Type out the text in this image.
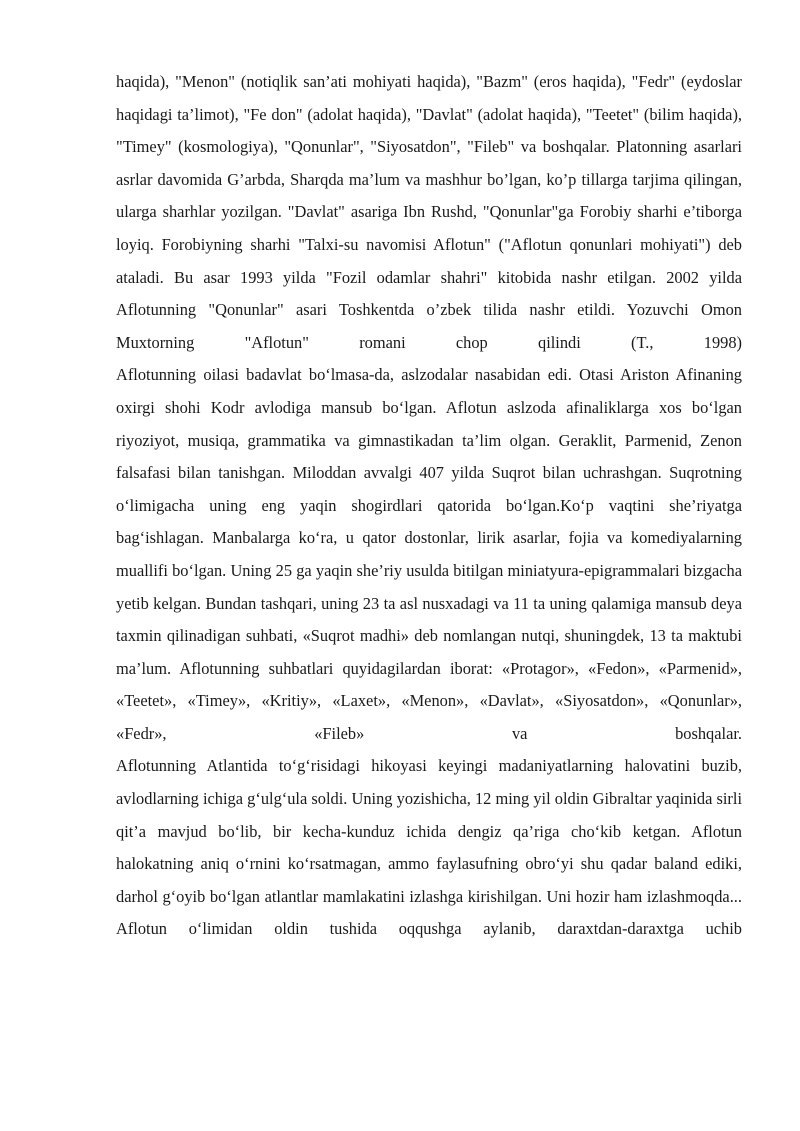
haqida), "Menon" (notiqlik san’ati mohiyati haqida), "Bazm" (eros haqida), "Fedr" (eydoslar haqidagi ta’limot), "Fe don" (adolat haqida), "Davlat" (adolat haqida), "Teetet" (bilim haqida), "Timey" (kosmologiya), "Qonunlar", "Siyosatdon", "Fileb" va boshqalar. Platonning asarlari asrlar davomida G’arbda, Sharqda ma’lum va mashhur bo’lgan, ko’p tillarga tarjima qilingan, ularga sharhlar yozilgan. "Davlat" asariga Ibn Rushd, "Qonunlar"ga Forobiy sharhi e’tiborga loyiq. Forobiyning sharhi "Talxi-su navomisi Aflotun" ("Aflotun qonunlari mohiyati") deb ataladi. Bu asar 1993 yilda "Fozil odamlar shahri" kitobida nashr etilgan. 2002 yilda Aflotunning "Qonunlar" asari Toshkentda o’zbek tilida nashr etildi. Yozuvchi Omon Muxtorning "Aflotun" romani chop qilindi (T., 1998)

Aflotunning oilasi badavlat bo‘lmasa-da, aslzodalar nasabidan edi. Otasi Ariston Afinaning oxirgi shohi Kodr avlodiga mansub bo‘lgan. Aflotun aslzoda afinaliklarga xos bo‘lgan riyoziyot, musiqa, grammatika va gimnastikadan ta’lim olgan. Geraklit, Parmenid, Zenon falsafasi bilan tanishgan. Miloddan avvalgi 407 yilda Suqrot bilan uchrashgan. Suqrotning o‘limigacha uning eng yaqin shogirdlari qatorida bo‘lgan.Ko‘p vaqtini she’riyatga bag‘ishlagan. Manbalarga ko‘ra, u qator dostonlar, lirik asarlar, fojia va komediyalarning muallifi bo‘lgan. Uning 25 ga yaqin she’riy usulda bitilgan miniatyura-epigrammalari bizgacha yetib kelgan. Bundan tashqari, uning 23 ta asl nusxadagi va 11 ta uning qalamiga mansub deya taxmin qilinadigan suhbati, «Suqrot madhi» deb nomlangan nutqi, shuningdek, 13 ta maktubi ma’lum. Aflotunning suhbatlari quyidagilardan iborat: «Protagor», «Fedon», «Parmenid», «Teetet», «Timey», «Kritiy», «Laxet», «Menon», «Davlat», «Siyosatdon», «Qonunlar», «Fedr», «Fileb» va boshqalar.

Aflotunning Atlantida to‘g‘risidagi hikoyasi keyingi madaniyatlarning halovatini buzib, avlodlarning ichiga g‘ulg‘ula soldi. Uning yozishicha, 12 ming yil oldin Gibraltar yaqinida sirli qit’a mavjud bo‘lib, bir kecha-kunduz ichida dengiz qa’riga cho‘kib ketgan. Aflotun halokatning aniq o‘rnini ko‘rsatmagan, ammo faylasufning obro‘yi shu qadar baland ediki, darhol g‘oyib bo‘lgan atlantlar mamlakatini izlashga kirishilgan. Uni hozir ham izlashmoqda...

Aflotun o‘limidan oldin tushida oqqushga aylanib, daraxtdan-daraxtga uchib
